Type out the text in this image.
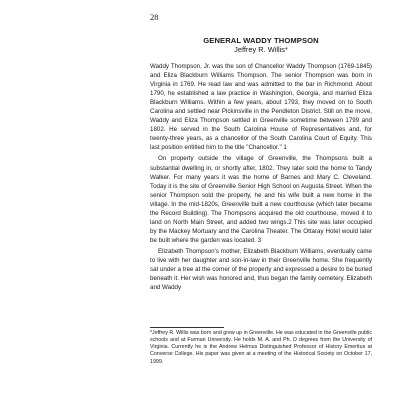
28
GENERAL WADDY THOMPSON
Jeffrey R. Willis*

Waddy Thompson, Jr. was the son of Chancellor Waddy Thompson (1769-1845) and Eliza Blackburn Williams Thompson. The senior Thompson was born in Virginia in 1769. He read law and was admitted to the bar in Richmond. About 1790, he established a law practice in Washington, Georgia, and married Eliza Blackburn Williams. Within a few years, about 1793, they moved on to South Carolina and settled near Pickinsville in the Pendleton District. Still on the move, Waddy and Eliza Thompson settled in Greenville sometime between 1799 and 1802. He served in the South Carolina House of Representatives and, for twenty-three years, as a chancellor of the South Carolina Court of Equity. This last position entitled him to the title "Chancellor." 1

On property outside the village of Greenville, the Thompsons built a substantial dwelling in, or shortly after, 1802. They later sold the home to Tandy Walker. For many years it was the home of Barnes and Mary C. Cleveland. Today it is the site of Greenville Senior High School on Augusta Street. When the senior Thompson sold the property, he and his wife built a new home in the village. In the mid-1820s, Greenville built a new courthouse (which later became the Record Building). The Thompsons acquired the old courthouse, moved it to land on North Main Street, and added two wings.2 This site was later occupied by the Mackey Mortuary and the Carolina Theater. The Ottaray Hotel would later be built where the garden was located. 3

Elizabeth Thompson's mother, Elizabeth Blackburn Williams, eventually came to live with her daughter and son-in-law in their Greenville home. She frequently sat under a tree at the corner of the property and expressed a desire to be buried beneath it. Her wish was honored and, thus began the family cemetery. Elizabeth and Waddy

*Jeffrey R. Willis was born and grew up in Greenville. He was educated in the Greenville public schools and at Furman University. He holds M. A. and Ph. D degrees from the University of Virginia. Currently he is the Andrew Helmus Distinguished Professor of History Emeritus at Converse College. His paper was given at a meeting of the Historical Society on October 17, 1999.
